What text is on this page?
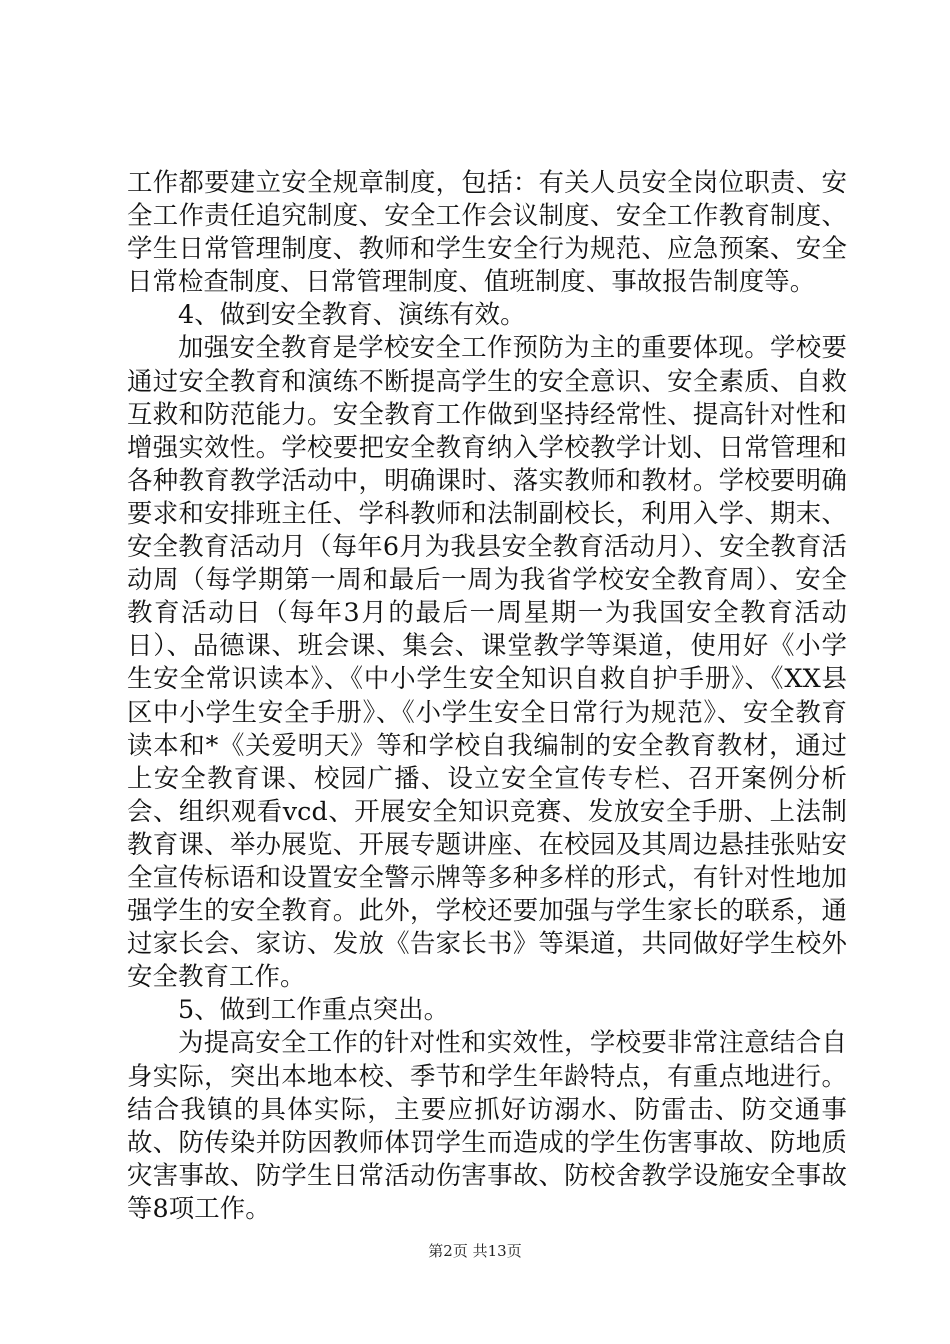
工作都要建立安全规章制度，包括：有关人员安全岗位职责、安全工作责任追究制度、安全工作会议制度、安全工作教育制度、学生日常管理制度、教师和学生安全行为规范、应急预案、安全日常检查制度、日常管理制度、值班制度、事故报告制度等。

4、做到安全教育、演练有效。

加强安全教育是学校安全工作预防为主的重要体现。学校要通过安全教育和演练不断提高学生的安全意识、安全素质、自救互救和防范能力。安全教育工作做到坚持经常性、提高针对性和增强实效性。学校要把安全教育纳入学校教学计划、日常管理和各种教育教学活动中，明确课时、落实教师和教材。学校要明确要求和安排班主任、学科教师和法制副校长，利用入学、期末、安全教育活动月（每年6月为我县安全教育活动月）、安全教育活动周（每学期第一周和最后一周为我省学校安全教育周）、安全教育活动日（每年3月的最后一周星期一为我国安全教育活动日）、品德课、班会课、集会、课堂教学等渠道，使用好《小学生安全常识读本》、《中小学生安全知识自救自护手册》、《XX县区中小学生安全手册》、《小学生安全日常行为规范》、安全教育读本和*《关爱明天》等和学校自我编制的安全教育教材，通过上安全教育课、校园广播、设立安全宣传专栏、召开案例分析会、组织观看vcd、开展安全知识竞赛、发放安全手册、上法制教育课、举办展览、开展专题讲座、在校园及其周边悬挂张贴安全宣传标语和设置安全警示牌等多种多样的形式，有针对性地加强学生的安全教育。此外，学校还要加强与学生家长的联系，通过家长会、家访、发放《告家长书》等渠道，共同做好学生校外安全教育工作。

5、做到工作重点突出。

为提高安全工作的针对性和实效性，学校要非常注意结合自身实际，突出本地本校、季节和学生年龄特点，有重点地进行。结合我镇的具体实际，主要应抓好访溺水、防雷击、防交通事故、防传染并防因教师体罚学生而造成的学生伤害事故、防地质灾害事故、防学生日常活动伤害事故、防校舍教学设施安全事故等8项工作。

第2页 共13页
